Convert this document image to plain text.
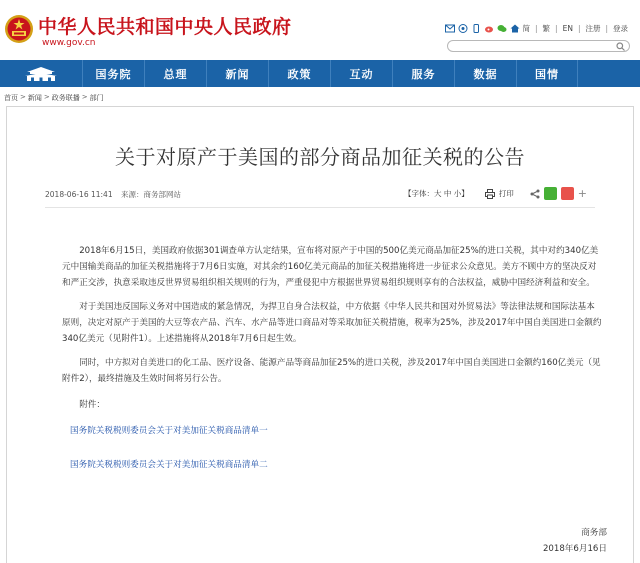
中华人民共和国中央人民政府
www.gov.cn
简 | 繁 | EN | 注册 | 登录
国务院	总理	新闻	政策	互动	服务	数据	国情
首页 > 新闻 > 政务联播 > 部门
关于对原产于美国的部分商品加征关税的公告
2018-06-16 11:41 来源：商务部网站	【字体：大 中 小】	打印	+

2018年6月15日，美国政府依据301调查单方认定结果，宣布将对原产于中国的500亿美元商品加征25%的进口关税，其中对约340亿美元中国输美商品的加征关税措施将于7月6日实施，对其余约160亿美元商品的加征关税措施将进一步征求公众意见。美方不顾中方的坚决反对和严正交涉，执意采取违反世界贸易组织相关规则的行为，严重侵犯中方根据世界贸易组织规则享有的合法权益，威胁中国经济利益和安全。

对于美国违反国际义务对中国造成的紧急情况，为捍卫自身合法权益，中方依据《中华人民共和国对外贸易法》等法律法规和国际法基本原则，决定对原产于美国的大豆等农产品、汽车、水产品等进口商品对等采取加征关税措施，税率为25%，涉及2017年中国自美国进口金额约340亿美元（见附件1）。上述措施将从2018年7月6日起生效。

同时，中方拟对自美进口的化工品、医疗设备、能源产品等商品加征25%的进口关税，涉及2017年中国自美国进口金额约160亿美元（见附件2），最终措施及生效时间将另行公告。

附件：

国务院关税税则委员会关于对美加征关税商品清单一
国务院关税税则委员会关于对美加征关税商品清单二
商务部
2018年6月16日
